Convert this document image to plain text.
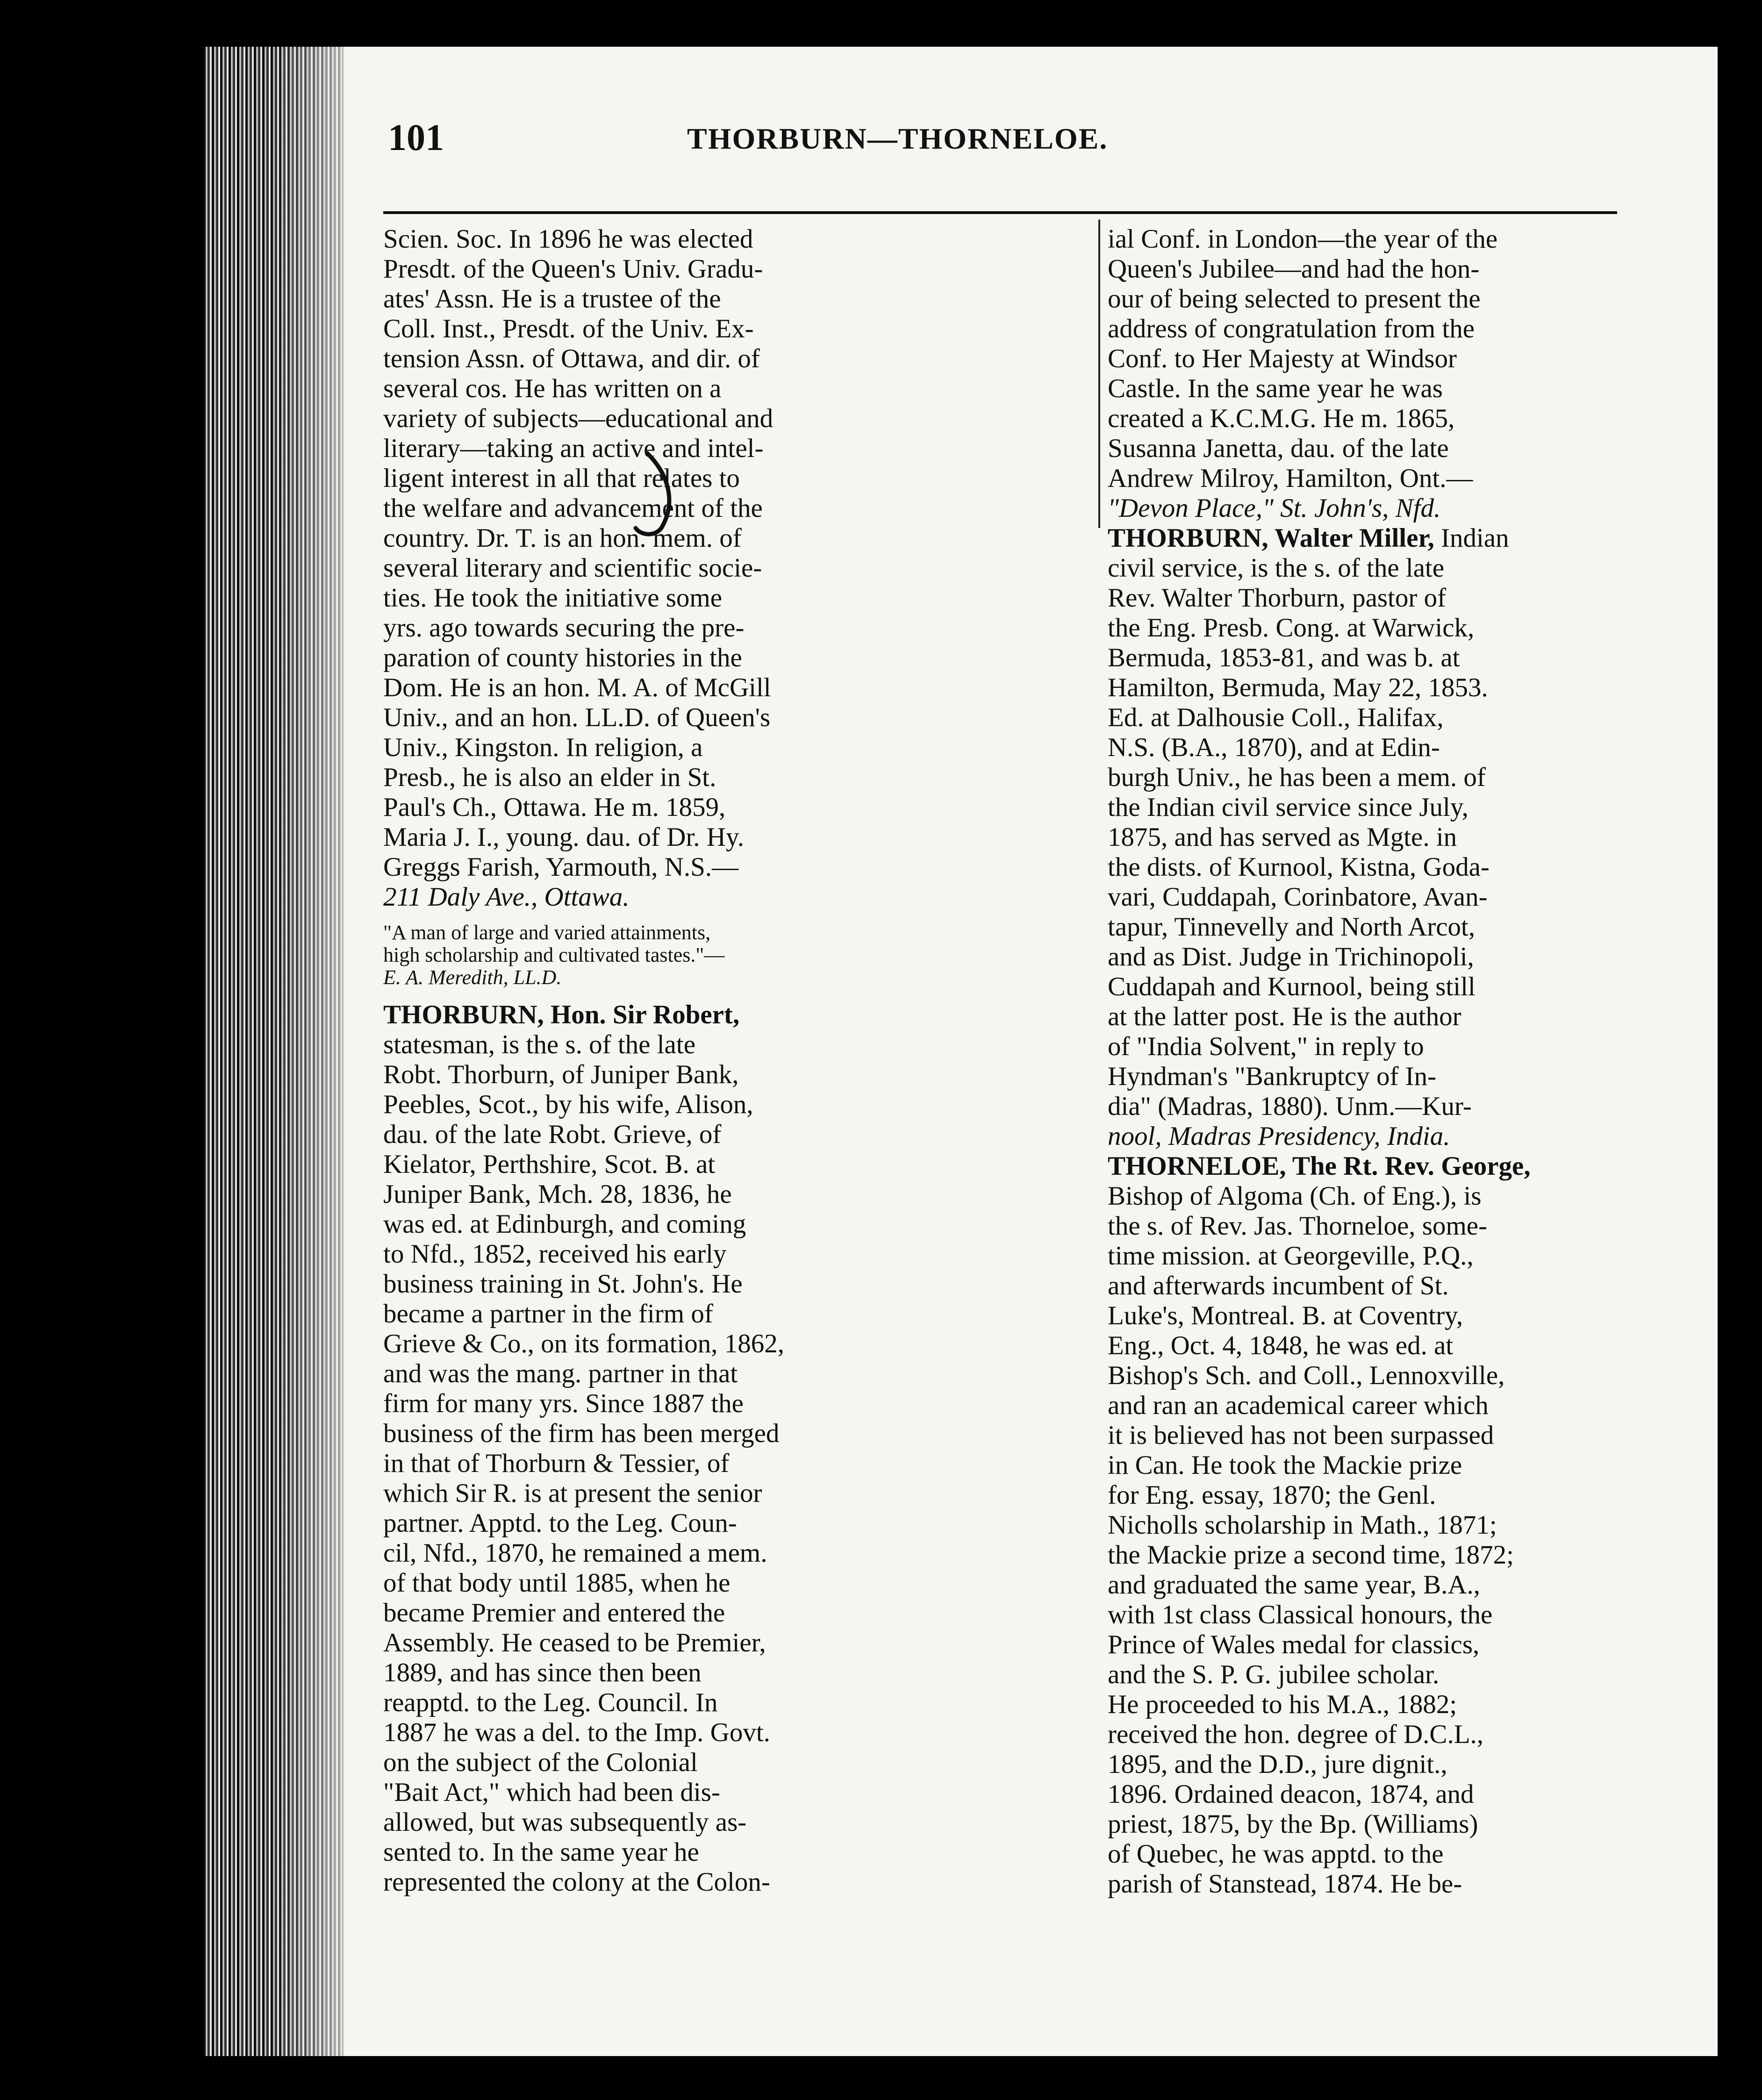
101	THORBURN—THORNELOE.
Scien. Soc. In 1896 he was elected
Presdt. of the Queen's Univ. Gradu-
ates' Assn. He is a trustee of the
Coll. Inst., Presdt. of the Univ. Ex-
tension Assn. of Ottawa, and dir. of
several cos. He has written on a
variety of subjects—educational and
literary—taking an active and intel-
ligent interest in all that relates to
the welfare and advancement of the
country. Dr. T. is an hon. mem. of
several literary and scientific socie-
ties. He took the initiative some
yrs. ago towards securing the pre-
paration of county histories in the
Dom. He is an hon. M. A. of McGill
Univ., and an hon. LL.D. of Queen's
Univ., Kingston. In religion, a
Presb., he is also an elder in St.
Paul's Ch., Ottawa. He m. 1859,
Maria J. I., young. dau. of Dr. Hy.
Greggs Farish, Yarmouth, N.S.—
211 Daly Ave., Ottawa.
"A man of large and varied attainments,
high scholarship and cultivated tastes."—
E. A. Meredith, LL.D.
THORBURN, Hon. Sir Robert,
statesman, is the s. of the late
Robt. Thorburn, of Juniper Bank,
Peebles, Scot., by his wife, Alison,
dau. of the late Robt. Grieve, of
Kielator, Perthshire, Scot. B. at
Juniper Bank, Mch. 28, 1836, he
was ed. at Edinburgh, and coming
to Nfd., 1852, received his early
business training in St. John's. He
became a partner in the firm of
Grieve & Co., on its formation, 1862,
and was the mang. partner in that
firm for many yrs. Since 1887 the
business of the firm has been merged
in that of Thorburn & Tessier, of
which Sir R. is at present the senior
partner. Apptd. to the Leg. Coun-
cil, Nfd., 1870, he remained a mem.
of that body until 1885, when he
became Premier and entered the
Assembly. He ceased to be Premier,
1889, and has since then been
reapptd. to the Leg. Council. In
1887 he was a del. to the Imp. Govt.
on the subject of the Colonial
"Bait Act," which had been dis-
allowed, but was subsequently as-
sented to. In the same year he
represented the colony at the Colon-
ial Conf. in London—the year of the
Queen's Jubilee—and had the hon-
our of being selected to present the
address of congratulation from the
Conf. to Her Majesty at Windsor
Castle. In the same year he was
created a K.C.M.G. He m. 1865,
Susanna Janetta, dau. of the late
Andrew Milroy, Hamilton, Ont.—
"Devon Place," St. John's, Nfd.
THORBURN, Walter Miller, Indian
civil service, is the s. of the late
Rev. Walter Thorburn, pastor of
the Eng. Presb. Cong. at Warwick,
Bermuda, 1853-81, and was b. at
Hamilton, Bermuda, May 22, 1853.
Ed. at Dalhousie Coll., Halifax,
N.S. (B.A., 1870), and at Edin-
burgh Univ., he has been a mem. of
the Indian civil service since July,
1875, and has served as Mgte. in
the dists. of Kurnool, Kistna, Goda-
vari, Cuddapah, Corinbatore, Avan-
tapur, Tinnevelly and North Arcot,
and as Dist. Judge in Trichinopoli,
Cuddapah and Kurnool, being still
at the latter post. He is the author
of "India Solvent," in reply to
Hyndman's "Bankruptcy of In-
dia" (Madras, 1880). Unm.—Kur-
nool, Madras Presidency, India.
THORNELOE, The Rt. Rev. George,
Bishop of Algoma (Ch. of Eng.), is
the s. of Rev. Jas. Thorneloe, some-
time mission. at Georgeville, P.Q.,
and afterwards incumbent of St.
Luke's, Montreal. B. at Coventry,
Eng., Oct. 4, 1848, he was ed. at
Bishop's Sch. and Coll., Lennoxville,
and ran an academical career which
it is believed has not been surpassed
in Can. He took the Mackie prize
for Eng. essay, 1870; the Genl.
Nicholls scholarship in Math., 1871;
the Mackie prize a second time, 1872;
and graduated the same year, B.A.,
with 1st class Classical honours, the
Prince of Wales medal for classics,
and the S. P. G. jubilee scholar.
He proceeded to his M.A., 1882;
received the hon. degree of D.C.L.,
1895, and the D.D., jure dignit.,
1896. Ordained deacon, 1874, and
priest, 1875, by the Bp. (Williams)
of Quebec, he was apptd. to the
parish of Stanstead, 1874. He be-
